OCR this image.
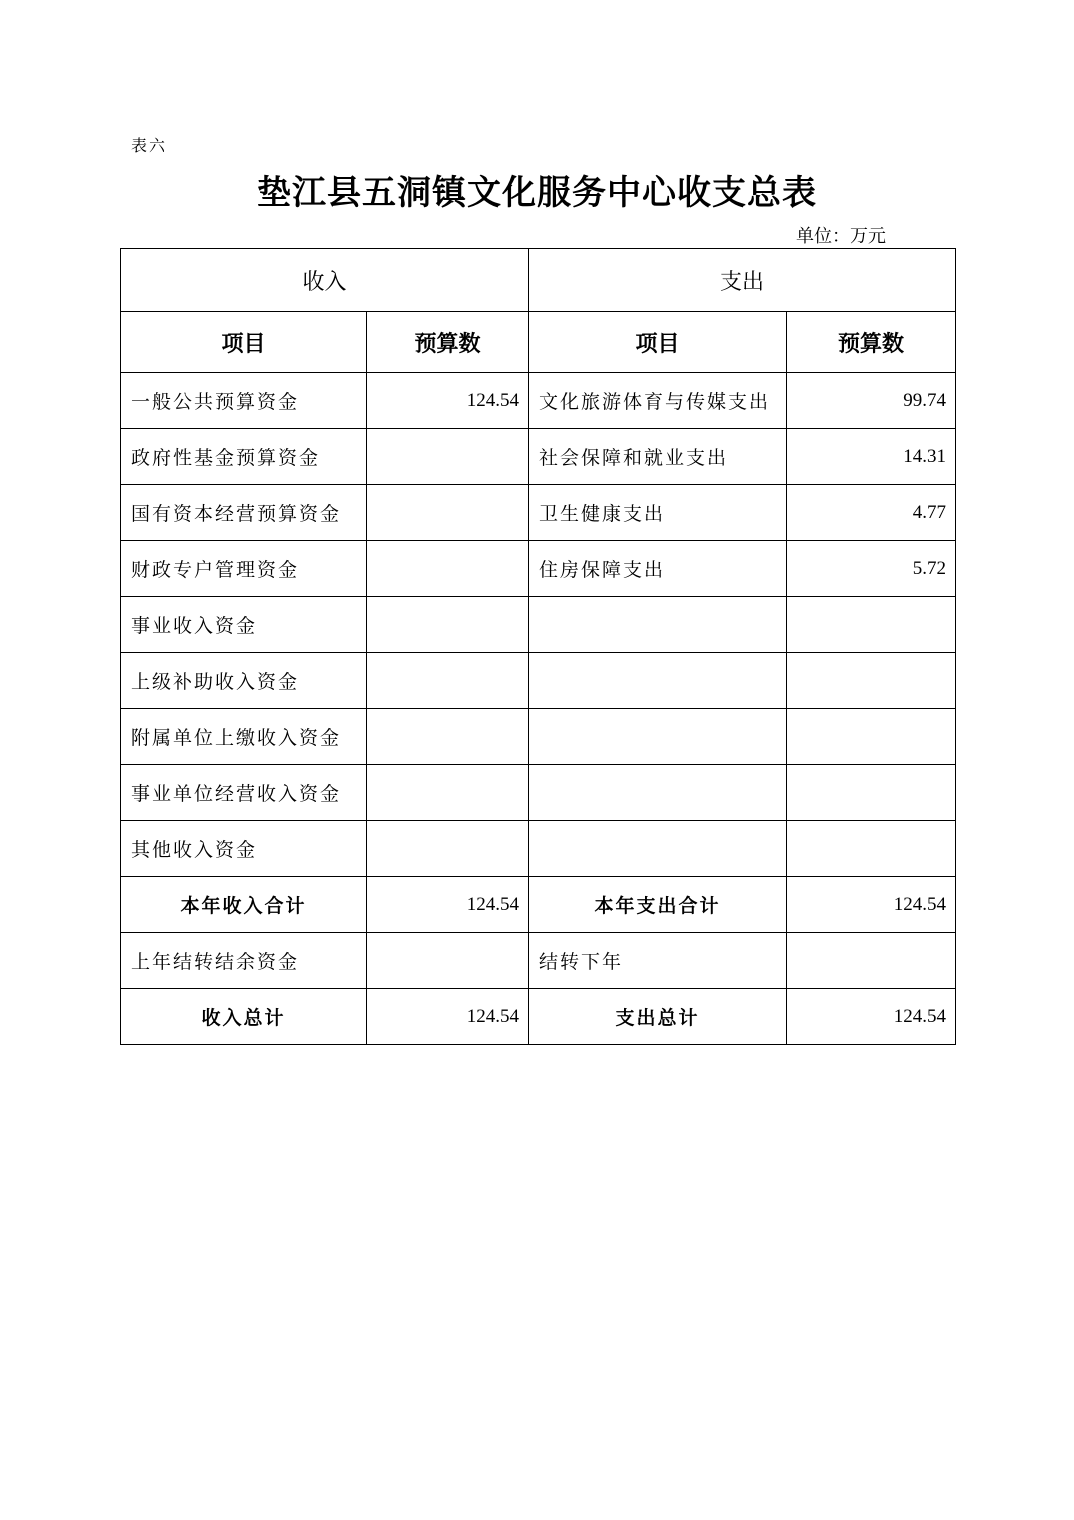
表六
垫江县五洞镇文化服务中心收支总表
单位：万元
收入		支出	
项目	预算数	项目	预算数
一般公共预算资金	124.54	文化旅游体育与传媒支出	99.74
政府性基金预算资金		社会保障和就业支出	14.31
国有资本经营预算资金		卫生健康支出	4.77
财政专户管理资金		住房保障支出	5.72
事业收入资金			
上级补助收入资金			
附属单位上缴收入资金			
事业单位经营收入资金			
其他收入资金			
本年收入合计	124.54	本年支出合计	124.54
上年结转结余资金		结转下年	
收入总计	124.54	支出总计	124.54
